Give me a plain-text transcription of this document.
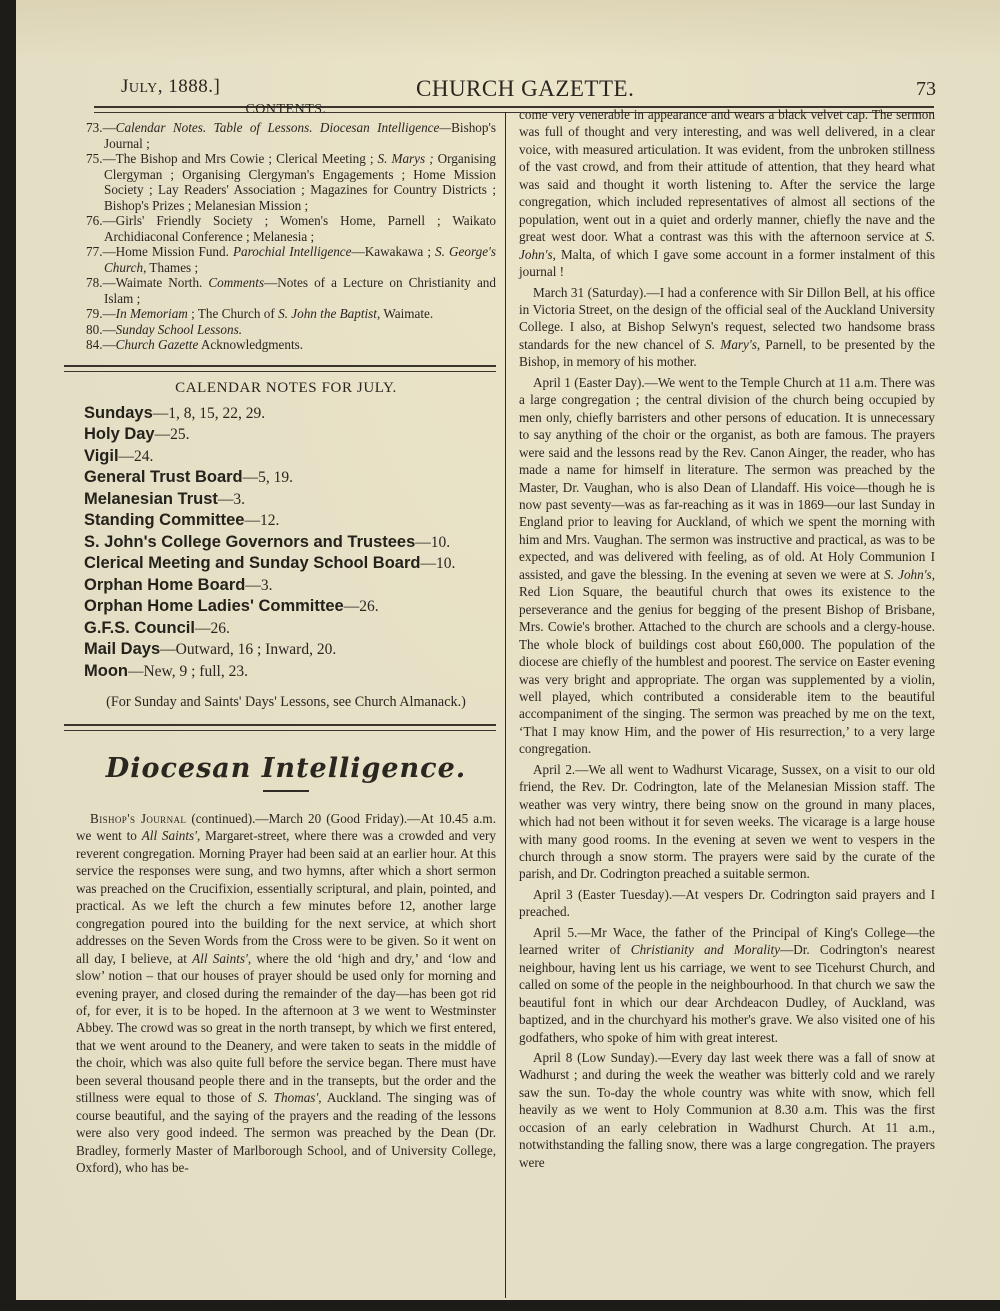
JULY, 1888.]	CHURCH GAZETTE.	73
CONTENTS.

73.—Calendar Notes. Table of Lessons. Diocesan Intelligence—Bishop's Journal ;

75.—The Bishop and Mrs Cowie ; Clerical Meeting ; S. Marys ; Organising Clergyman ; Organising Clergyman's Engagements ; Home Mission Society ; Lay Readers' Association ; Magazines for Country Districts ; Bishop's Prizes ; Melanesian Mission ;

76.—Girls' Friendly Society ; Women's Home, Parnell ; Waikato Archidiaconal Conference ; Melanesia ;

77.—Home Mission Fund. Parochial Intelligence—Kawakawa ; S. George's Church, Thames ;

78.—Waimate North. Comments—Notes of a Lecture on Christianity and Islam ;

79.—In Memoriam ; The Church of S. John the Baptist, Waimate.

80.—Sunday School Lessons.

84.—Church Gazette Acknowledgments.

CALENDAR NOTES FOR JULY.
Sundays—1, 8, 15, 22, 29.
Holy Day—25.
Vigil—24.
General Trust Board—5, 19.
Melanesian Trust—3.
Standing Committee—12.
S. John's College Governors and Trustees—10.
Clerical Meeting and Sunday School Board—10.
Orphan Home Board—3.
Orphan Home Ladies' Committee—26.
G.F.S. Council—26.
Mail Days—Outward, 16 ; Inward, 20.
Moon—New, 9 ; full, 23.
(For Sunday and Saints' Days' Lessons, see Church Almanack.)
Diocesan Intelligence.

Bishop's Journal (continued).—March 20 (Good Friday).—At 10.45 a.m. we went to All Saints', Margaret-street, where there was a crowded and very reverent congregation. Morning Prayer had been said at an earlier hour. At this service the responses were sung, and two hymns, after which a short sermon was preached on the Crucifixion, essentially scriptural, and plain, pointed, and practical. As we left the church a few minutes before 12, another large congregation poured into the building for the next service, at which short addresses on the Seven Words from the Cross were to be given. So it went on all day, I believe, at All Saints', where the old ‘high and dry,’ and ‘low and slow’ notion – that our houses of prayer should be used only for morning and evening prayer, and closed during the remainder of the day—has been got rid of, for ever, it is to be hoped. In the afternoon at 3 we went to Westminster Abbey. The crowd was so great in the north transept, by which we first entered, that we went around to the Deanery, and were taken to seats in the middle of the choir, which was also quite full before the service began. There must have been several thousand people there and in the transepts, but the order and the stillness were equal to those of S. Thomas', Auckland. The singing was of course beautiful, and the saying of the prayers and the reading of the lessons were also very good indeed. The sermon was preached by the Dean (Dr. Bradley, formerly Master of Marlborough School, and of University College, Oxford), who has be-

come very venerable in appearance and wears a black velvet cap. The sermon was full of thought and very interesting, and was well delivered, in a clear voice, with measured articulation. It was evident, from the unbroken stillness of the vast crowd, and from their attitude of attention, that they heard what was said and thought it worth listening to. After the service the large congregation, which included representatives of almost all sections of the population, went out in a quiet and orderly manner, chiefly the nave and the great west door. What a contrast was this with the afternoon service at S. John's, Malta, of which I gave some account in a former instalment of this journal !

March 31 (Saturday).—I had a conference with Sir Dillon Bell, at his office in Victoria Street, on the design of the official seal of the Auckland University College. I also, at Bishop Selwyn's request, selected two handsome brass standards for the new chancel of S. Mary's, Parnell, to be presented by the Bishop, in memory of his mother.

April 1 (Easter Day).—We went to the Temple Church at 11 a.m. There was a large congregation ; the central division of the church being occupied by men only, chiefly barristers and other persons of education. It is unnecessary to say anything of the choir or the organist, as both are famous. The prayers were said and the lessons read by the Rev. Canon Ainger, the reader, who has made a name for himself in literature. The sermon was preached by the Master, Dr. Vaughan, who is also Dean of Llandaff. His voice—though he is now past seventy—was as far-reaching as it was in 1869—our last Sunday in England prior to leaving for Auckland, of which we spent the morning with him and Mrs. Vaughan. The sermon was instructive and practical, as was to be expected, and was delivered with feeling, as of old. At Holy Communion I assisted, and gave the blessing. In the evening at seven we were at S. John's, Red Lion Square, the beautiful church that owes its existence to the perseverance and the genius for begging of the present Bishop of Brisbane, Mrs. Cowie's brother. Attached to the church are schools and a clergy-house. The whole block of buildings cost about £60,000. The population of the diocese are chiefly of the humblest and poorest. The service on Easter evening was very bright and appropriate. The organ was supplemented by a violin, well played, which contributed a considerable item to the beautiful accompaniment of the singing. The sermon was preached by me on the text, ‘That I may know Him, and the power of His resurrection,’ to a very large congregation.

April 2.—We all went to Wadhurst Vicarage, Sussex, on a visit to our old friend, the Rev. Dr. Codrington, late of the Melanesian Mission staff. The weather was very wintry, there being snow on the ground in many places, which had not been without it for seven weeks. The vicarage is a large house with many good rooms. In the evening at seven we went to vespers in the church through a snow storm. The prayers were said by the curate of the parish, and Dr. Codrington preached a suitable sermon.

April 3 (Easter Tuesday).—At vespers Dr. Codrington said prayers and I preached.

April 5.—Mr Wace, the father of the Principal of King's College—the learned writer of Christianity and Morality—Dr. Codrington's nearest neighbour, having lent us his carriage, we went to see Ticehurst Church, and called on some of the people in the neighbourhood. In that church we saw the beautiful font in which our dear Archdeacon Dudley, of Auckland, was baptized, and in the churchyard his mother's grave. We also visited one of his godfathers, who spoke of him with great interest.

April 8 (Low Sunday).—Every day last week there was a fall of snow at Wadhurst ; and during the week the weather was bitterly cold and we rarely saw the sun. To-day the whole country was white with snow, which fell heavily as we went to Holy Communion at 8.30 a.m. This was the first occasion of an early celebration in Wadhurst Church. At 11 a.m., notwithstanding the falling snow, there was a large congregation. The prayers were
